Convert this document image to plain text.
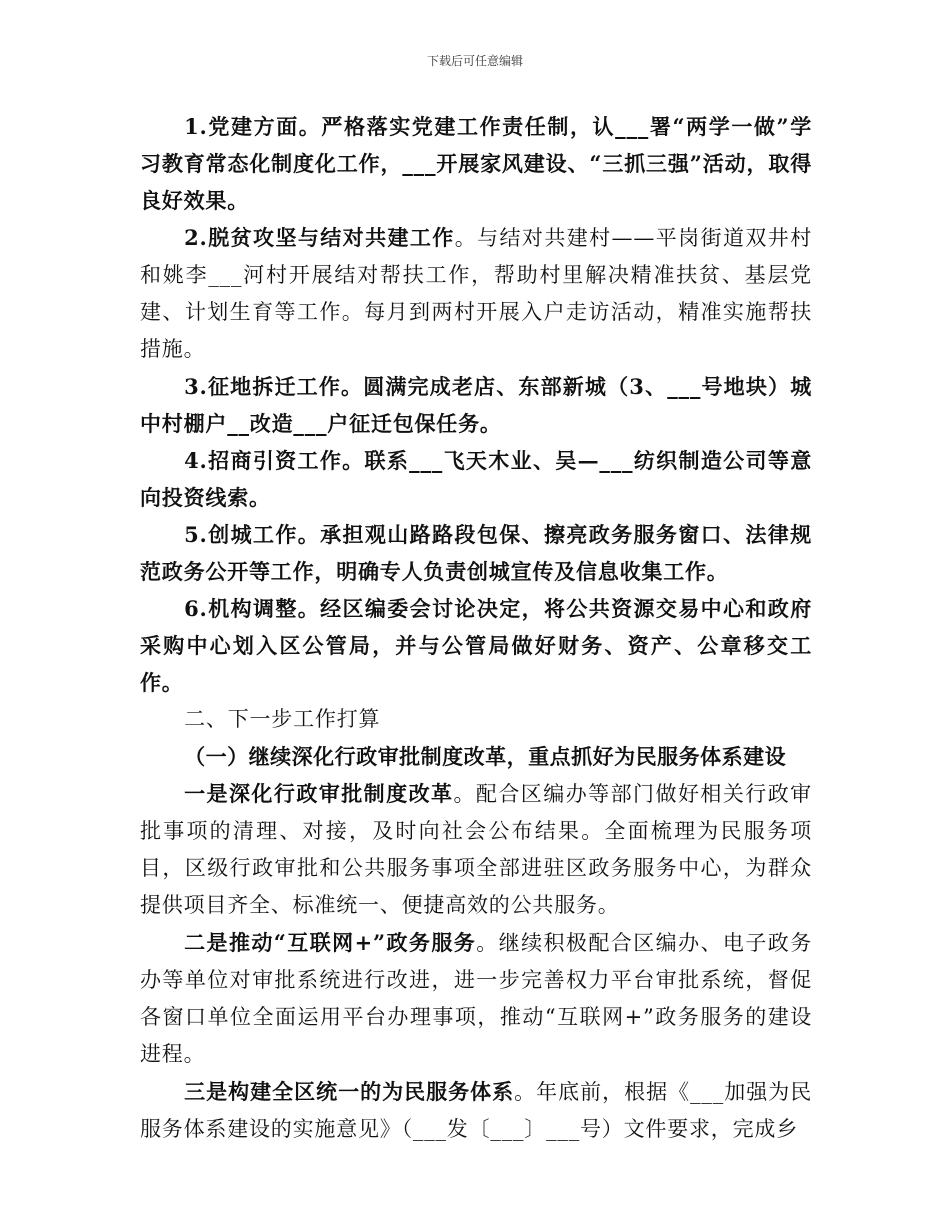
下载后可任意编辑

1.党建方面。严格落实党建工作责任制，认___署“两学一做”学习教育常态化制度化工作，___开展家风建设、“三抓三强”活动，取得良好效果。

2.脱贫攻坚与结对共建工作。与结对共建村——平岗街道双井村和姚李___河村开展结对帮扶工作，帮助村里解决精准扶贫、基层党建、计划生育等工作。每月到两村开展入户走访活动，精准实施帮扶措施。

3.征地拆迁工作。圆满完成老店、东部新城（3、___号地块）城中村棚户__改造___户征迁包保任务。

4.招商引资工作。联系___飞天木业、吴—___纺织制造公司等意向投资线索。

5.创城工作。承担观山路路段包保、擦亮政务服务窗口、法律规范政务公开等工作，明确专人负责创城宣传及信息收集工作。

6.机构调整。经区编委会讨论决定，将公共资源交易中心和政府采购中心划入区公管局，并与公管局做好财务、资产、公章移交工作。

二、下一步工作打算

（一）继续深化行政审批制度改革，重点抓好为民服务体系建设

一是深化行政审批制度改革。配合区编办等部门做好相关行政审批事项的清理、对接，及时向社会公布结果。全面梳理为民服务项目，区级行政审批和公共服务事项全部进驻区政务服务中心，为群众提供项目齐全、标准统一、便捷高效的公共服务。

二是推动“互联网+”政务服务。继续积极配合区编办、电子政务办等单位对审批系统进行改进，进一步完善权力平台审批系统，督促各窗口单位全面运用平台办理事项，推动“互联网+”政务服务的建设进程。

三是构建全区统一的为民服务体系。年底前，根据《___加强为民服务体系建设的实施意见》（___发〔___〕___号）文件要求，完成乡
